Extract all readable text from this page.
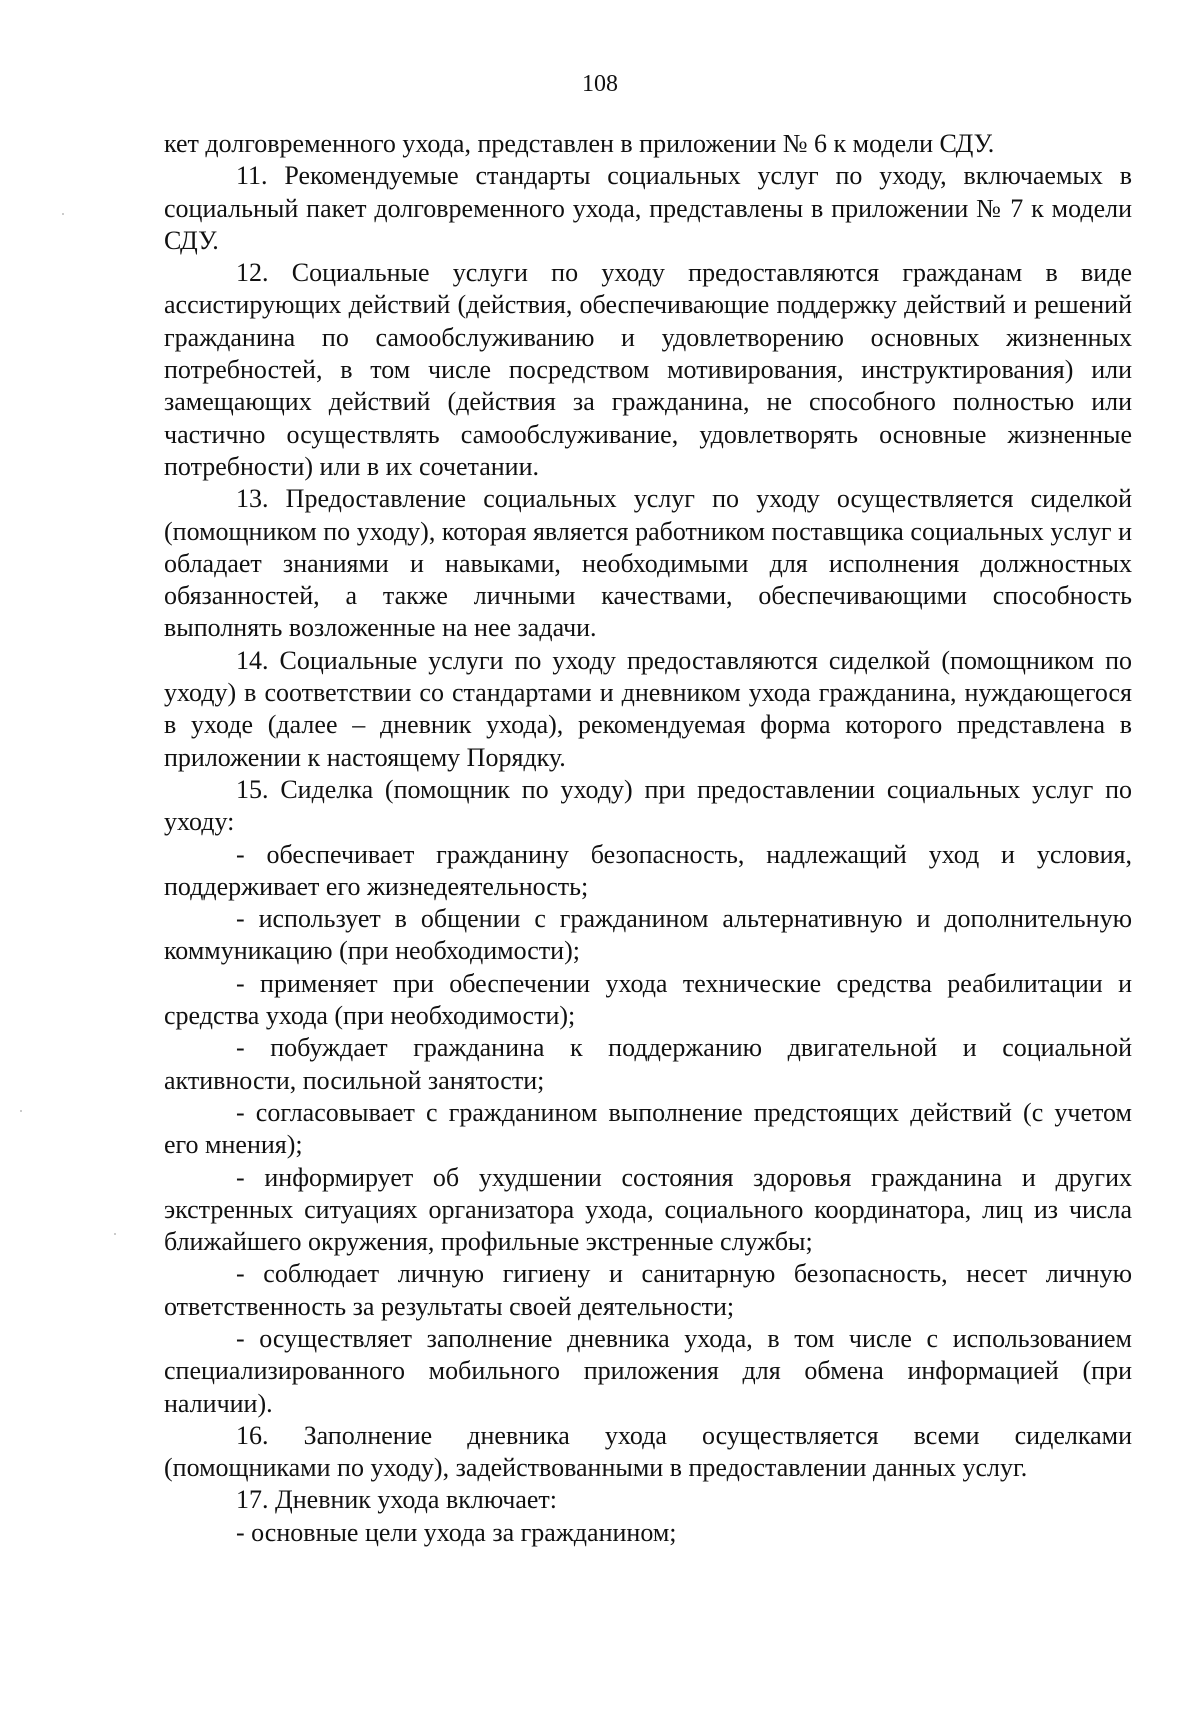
108

кет долговременного ухода, представлен в приложении № 6 к модели СДУ.

11. Рекомендуемые стандарты социальных услуг по уходу, включаемых в социальный пакет долговременного ухода, представлены в приложении № 7 к модели СДУ.

12. Социальные услуги по уходу предоставляются гражданам в виде ассистирующих действий (действия, обеспечивающие поддержку действий и решений гражданина по самообслуживанию и удовлетворению основных жизненных потребностей, в том числе посредством мотивирования, инструктирования) или замещающих действий (действия за гражданина, не способного полностью или частично осуществлять самообслуживание, удовлетворять основные жизненные потребности) или в их сочетании.

13. Предоставление социальных услуг по уходу осуществляется сиделкой (помощником по уходу), которая является работником поставщика социальных услуг и обладает знаниями и навыками, необходимыми для исполнения должностных обязанностей, а также личными качествами, обеспечивающими способность выполнять возложенные на нее задачи.

14. Социальные услуги по уходу предоставляются сиделкой (помощником по уходу) в соответствии со стандартами и дневником ухода гражданина, нуждающегося в уходе (далее – дневник ухода), рекомендуемая форма которого представлена в приложении к настоящему Порядку.

15. Сиделка (помощник по уходу) при предоставлении социальных услуг по уходу:

- обеспечивает гражданину безопасность, надлежащий уход и условия, поддерживает его жизнедеятельность;

- использует в общении с гражданином альтернативную и дополнительную коммуникацию (при необходимости);

- применяет при обеспечении ухода технические средства реабилитации и средства ухода (при необходимости);

- побуждает гражданина к поддержанию двигательной и социальной активности, посильной занятости;

- согласовывает с гражданином выполнение предстоящих действий (с учетом его мнения);

- информирует об ухудшении состояния здоровья гражданина и других экстренных ситуациях организатора ухода, социального координатора, лиц из числа ближайшего окружения, профильные экстренные службы;

- соблюдает личную гигиену и санитарную безопасность, несет личную ответственность за результаты своей деятельности;

- осуществляет заполнение дневника ухода, в том числе с использованием специализированного мобильного приложения для обмена информацией (при наличии).

16. Заполнение дневника ухода осуществляется всеми сиделками (помощниками по уходу), задействованными в предоставлении данных услуг.

17. Дневник ухода включает:

- основные цели ухода за гражданином;
